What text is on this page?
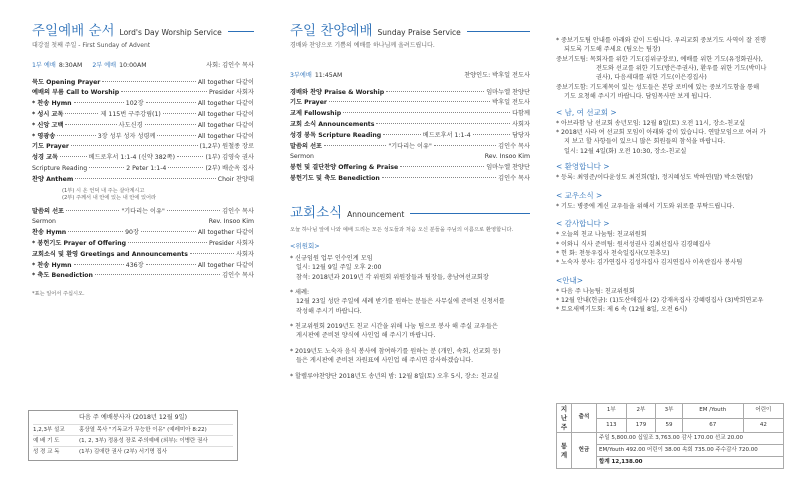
주일예배 순서 Lord's Day Worship Service
대강절 첫째 주일 - First Sunday of Advent
1부 예배 8:30AM 2부 예배 10:00AM	사회: 김인수 목사
묵도 Opening Prayer	All together 다같이
예배의 부름 Call to Worship	Presider 사회자
* 찬송 Hymn	102장	All together 다같이
* 성시 교독	제 115번 구주강림(1)	All together 다같이
* 신앙 고백	사도신경	All together 다같이
* 영광송	3장 성부 성자 성령께	All together 다같이
기도 Prayer	(1,2부) 원철종 장로
성경 교독	베드로후서 1:1-4 (신약 382쪽)	(1부) 김영숙 권사
Scripture Reading	2 Peter 1:1-4	(2부) 배순옥 집사
찬양 Anthem	Choir 찬양대
(1부) 시 온 언덕 내 주는 살아계시고
(2부) 주께서 내 안에 있는 내 안에 있어라
말씀의 선포	"기다리는 이유"	김인수 목사
Sermon	Rev. Insoo Kim
찬송 Hymn	90장	All together 다같이
* 봉헌기도 Prayer of Offering	Presider 사회자
교회소식 및 환영 Greetings and Announcements	사회자
* 찬송 Hymn	436장	All together 다같이
* 축도 Benediction	김인수 목사
*표는 일어서 주십시오.
다음 주 예배봉사자 (2018년 12월 9일)
1,2,3부 설교	홍상열 목사 "기독교가 무능한 이유" (예레미아 8:22)
예 배 기 도	(1, 2, 3부) 정용성 장로 주의예배 (외부): 이병란 권사
성 경 교 독	(1부) 김애란 권사 (2부) 서기명 집사
주일 찬양예배 Sunday Praise Service
경배와 찬양으로 기쁨의 예배를 하나님께 올려드립니다.
3부예배 11:45AM	찬양인도: 박후일 전도사
경배와 찬양 Praise & Worship	임마누엘 찬양단
기도 Prayer	박후일 전도사
교제 Fellowship	다함께
교회 소식 Announcements	사회자
성경 봉독 Scripture Reading	베드로후서 1:1-4	담당자
말씀의 선포	"기다리는 이유"	김인수 목사
Sermon	Rev. Insoo Kim
봉헌 및 결단찬양 Offering & Praise	임마누엘 찬양단
봉헌기도 및 축도 Benediction	김인수 목사
교회소식 Announcement
오늘 하나님 앞에 나와 예배 드리는 모든 성도들과 처음 오신 분들을 주님의 이름으로 환영합니다.
<위원회>
* 신규임원 업무 인수인계 모임
일시: 12월 9일 주일 오후 2:00
참석: 2018년과 2019년 각 위원회 위원장들과 팀장들, 총남여선교회장
* 세례:
12월 23일 성탄 주일에 세례 받기를 원하는 분들은 사무실에 준비된 신청서를
작성해 주시기 바랍니다.
* 친교위원회 2019년도 친교 시간을 위해 나눔 팀으로 봉사 해 주실 교우들은
게시판에 준비된 양식에 사인업 해 주시기 바랍니다.
* 2019년도 노숙자 음식 봉사에 참여하기를 원하는 분 (개인, 속회, 선교회 등)
들은 게시판에 준비된 자원표에 사인업 해 주시면 감사하겠습니다.
* 할렐루야찬양단 2018년도 송년의 밤: 12월 8일(토) 오후 5시, 장소: 친교실
* 중보기도팀 안내를 아래와 같이 드립니다. 우리교회 중보기도 사역이 잘 진행
되도록 기도해 주세요 (팀오는 팀장)
중보기도팀: 목회자를 위한 기도(김위규장로), 예배를 위한 기도(유정화권사),
전도와 선교를 위한 기도(방은주권사), 환우를 위한 기도(박미나
권사), 다음세대를 위한 기도(이은경집사)
중보기도함: 기도제목이 있는 성도들은 본당 로비에 있는 중보기도함을 통해
기도 요청해 주시기 바랍니다. 담임목사만 보게 됩니다.
< 남, 여 선교회 >
* 아브라함 남 선교회 송년모임: 12월 8일(토) 오전 11시, 장소-친교실
* 2018년 사라 여 선교회 모임이 아래와 같이 있습니다. 연말모임으로 여러 가
지 보고 할 사항들이 있으니 많은 회원들의 참석을 바랍니다.
일시: 12월 4일(화) 오전 10:30, 장소-친교실
< 환영합니다 >
* 등록: 최영준/이다윤성도 최진희(딸), 정지혜성도 박하연(딸) 박소현(딸)
< 교우소식 >
* 기도: 병중에 계신 교우들을 위해서 기도와 위로를 부탁드립니다.
< 감사합니다 >
* 오늘의 친교 나눔팀: 친교위원회
* 이와니 식사 준비팀: 원서성권사 김최선집사 김경혜집사
* 헌 화: 천동우집사 천숙일집사(모친추모)
* 노숙자 봉사: 김가연집사 김성자집사 김지연집사 이옥란집사 봉사팀
<안내>
* 다음 주 나눔팀: 친교위원회
* 12월 안내(헌금): (1)도산애집사 (2) 강재옥집사 강혜령집사 (3)박희연교우
* 토요새벽기도회: 제 6 속 (12월 8일, 오전 6시)
지난 주	출석	1부	2부	3부	EM /Youth	어린이
		113	179	59	67	42
통계	헌금	주일 5,800.00 십일조 3,763.00 감사 170.00 선교 20.00				
		EM/Youth 492.00 어린이 38.00 속회 735.00 주수감사 720.00				
		합계 12,138.00				
